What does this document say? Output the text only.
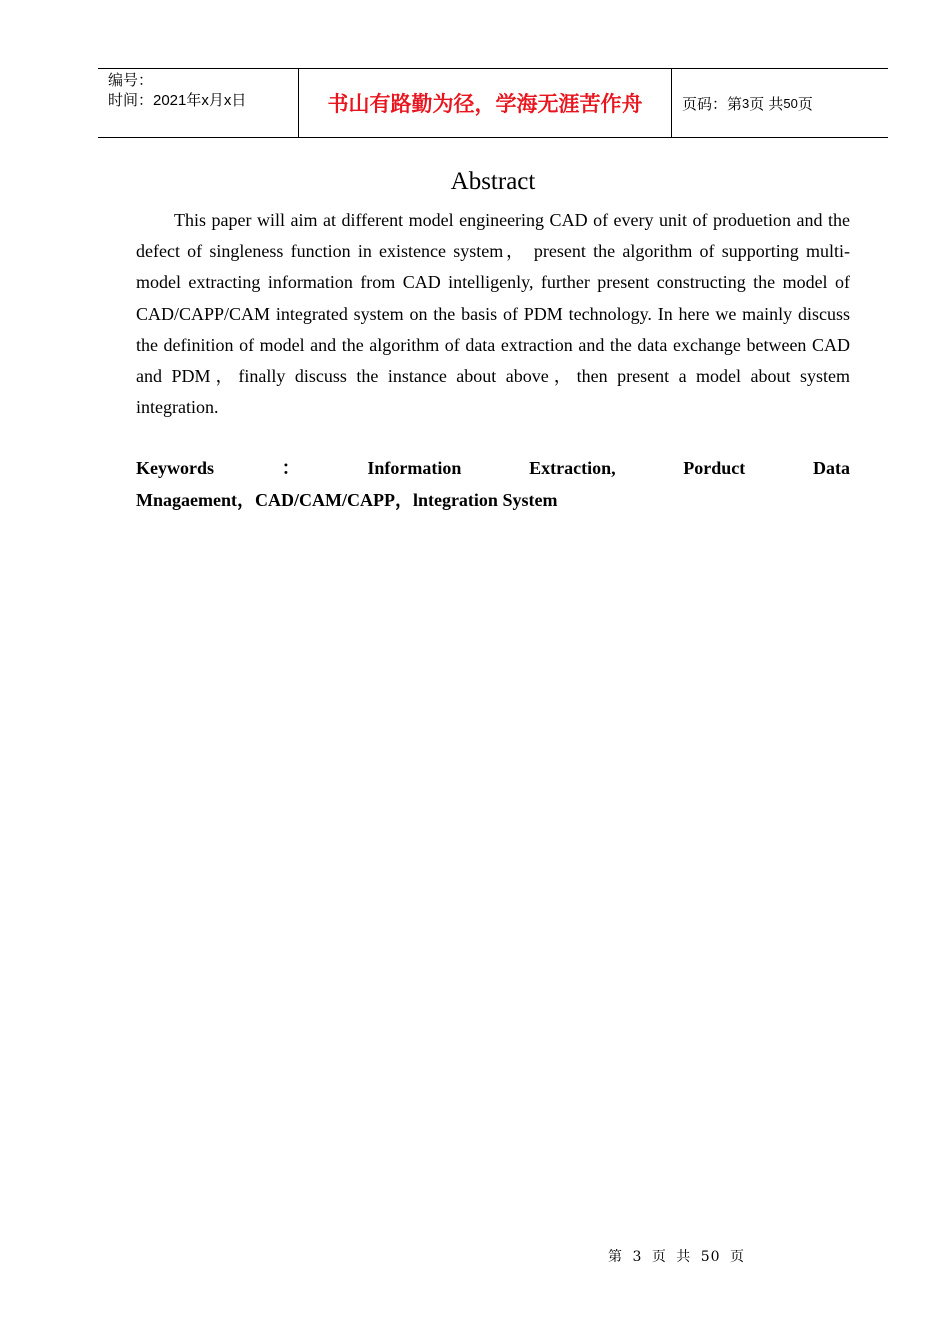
编号：
时间：2021年x月x日	书山有路勤为径，学海无涯苦作舟	页码：第 3 页 共 50 页
Abstract

This paper will aim at different model engineering CAD of every unit of produetion and the defect of singleness function in existence system， present the algorithm of supporting multi- model extracting information from CAD intelligenly, further present constructing the model of CAD/CAPP/CAM integrated system on the basis of PDM technology. In here we mainly discuss the definition of model and the algorithm of data extraction and the data exchange between CAD and PDM，finally discuss the instance about above，then present a model about system integration.

Keywords	：	Information	Extraction,	Porduct	Data
Mnagaement，CAD/CAM/CAPP，lntegration System
第 3 页 共 50 页
